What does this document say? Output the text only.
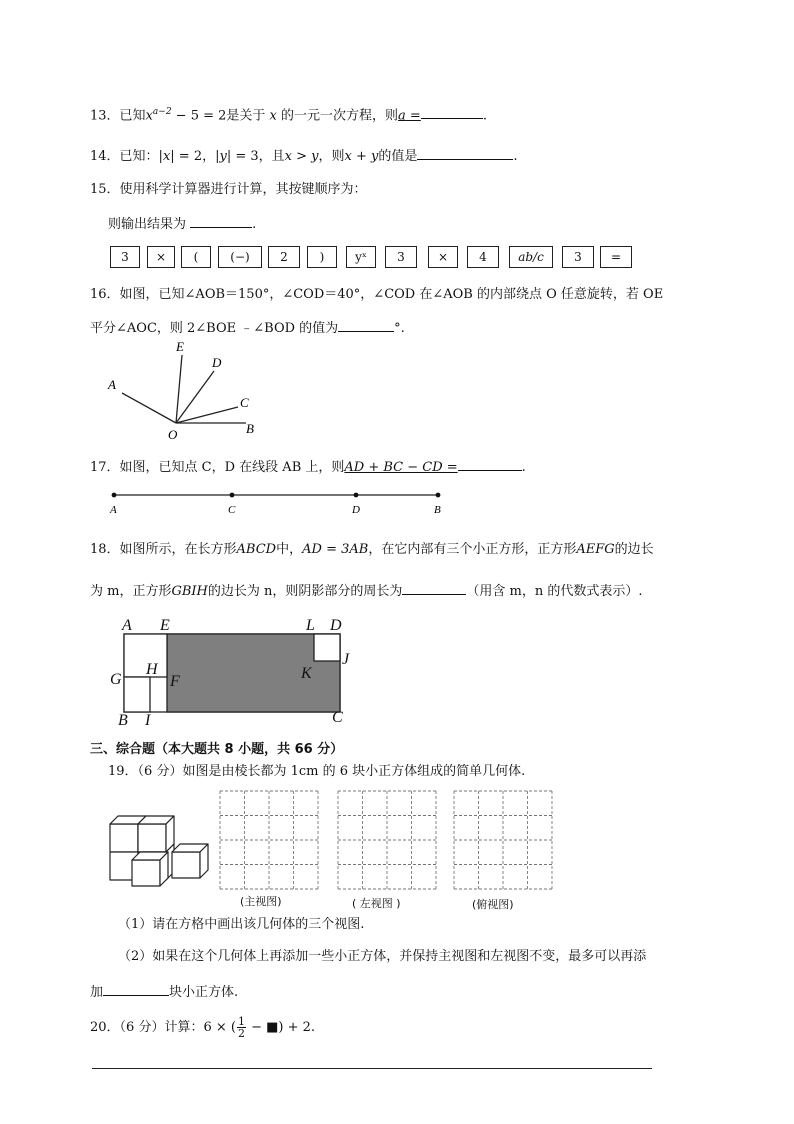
13．已知$x^{a-2} - 5 = 2$是关于 x 的一元一次方程，则a =	.
14．已知：|x| = 2，|y| = 3，且x > y，则x + y的值是	.
15．使用科学计算器进行计算，其按键顺序为：
则输出结果为	.
3	×	(	(−)	2	)	yˣ	3	×	4	ab/c	3	=
16．如图，已知∠AOB＝150°，∠COD＝40°，∠COD 在∠AOB 的内部绕点 O 任意旋转，若 OE
平分∠AOC，则 2∠BOE ﹣∠BOD 的值为	°.
A
E
D
C
B
O
17．如图，已知点 C，D 在线段 AB 上，则AD + BC − CD =	.
A	C	D	B
18．如图所示，在长方形ABCD中，AD = 3AB，在它内部有三个小正方形，正方形AEFG的边长
为 m，正方形GBIH的边长为 n，则阴影部分的周长为	（用含 m，n 的代数式表示）.
A E	L D
J
H
G	F	K
B I	C
三、综合题（本大题共 8 小题，共 66 分）
19．（6 分）如图是由棱长都为 1cm 的 6 块小正方体组成的简单几何体.
(主视图)	( 左视图 )	(俯视图)
（1）请在方格中画出该几何体的三个视图.
（2）如果在这个几何体上再添加一些小正方体，并保持主视图和左视图不变，最多可以再添
加	块小正方体.
20．（6 分）计算：6 × ( $\frac{1}{2}$ − ■) + 2.
